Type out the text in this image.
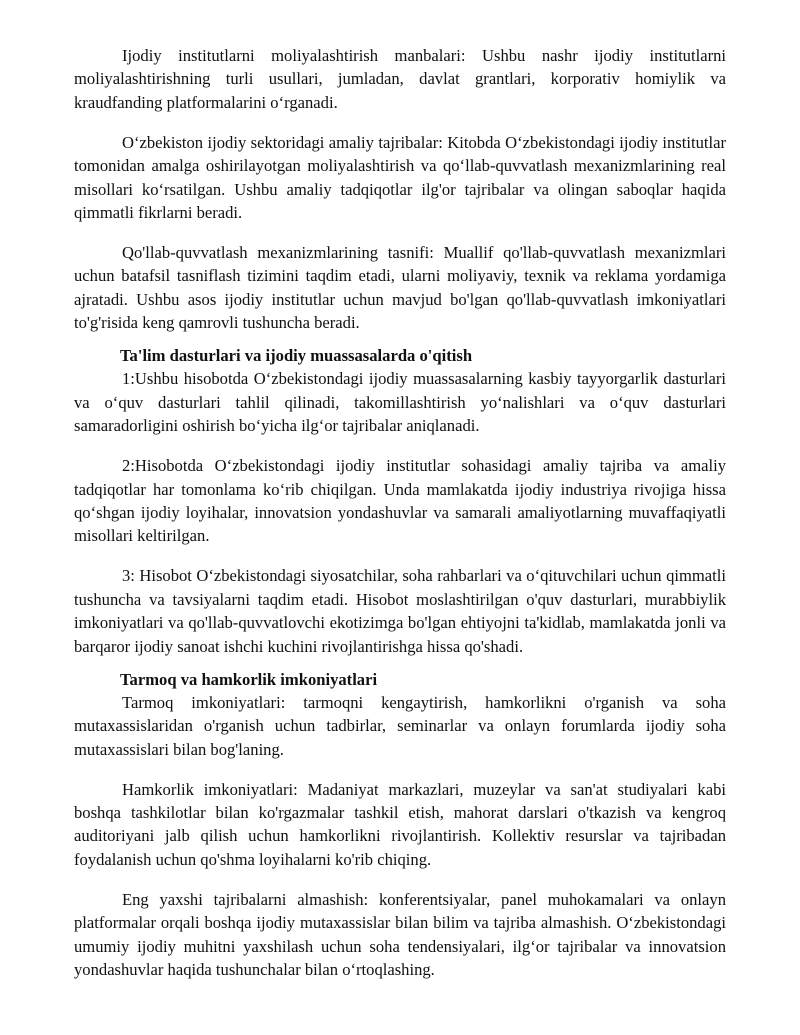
Ijodiy institutlarni moliyalashtirish manbalari: Ushbu nashr ijodiy institutlarni moliyalashtirishning turli usullari, jumladan, davlat grantlari, korporativ homiylik va kraudfanding platformalarini o‘rganadi.

O‘zbekiston ijodiy sektoridagi amaliy tajribalar: Kitobda O‘zbekistondagi ijodiy institutlar tomonidan amalga oshirilayotgan moliyalashtirish va qo‘llab-quvvatlash mexanizmlarining real misollari ko‘rsatilgan. Ushbu amaliy tadqiqotlar ilg'or tajribalar va olingan saboqlar haqida qimmatli fikrlarni beradi.

Qo'llab-quvvatlash mexanizmlarining tasnifi: Muallif qo'llab-quvvatlash mexanizmlari uchun batafsil tasniflash tizimini taqdim etadi, ularni moliyaviy, texnik va reklama yordamiga ajratadi. Ushbu asos ijodiy institutlar uchun mavjud bo'lgan qo'llab-quvvatlash imkoniyatlari to'g'risida keng qamrovli tushuncha beradi.

Ta'lim dasturlari va ijodiy muassasalarda o'qitish

1:Ushbu hisobotda O‘zbekistondagi ijodiy muassasalarning kasbiy tayyorgarlik dasturlari va o‘quv dasturlari tahlil qilinadi, takomillashtirish yo‘nalishlari va o‘quv dasturlari samaradorligini oshirish bo‘yicha ilg‘or tajribalar aniqlanadi.

2:Hisobotda O‘zbekistondagi ijodiy institutlar sohasidagi amaliy tajriba va amaliy tadqiqotlar har tomonlama ko‘rib chiqilgan. Unda mamlakatda ijodiy industriya rivojiga hissa qo‘shgan ijodiy loyihalar, innovatsion yondashuvlar va samarali amaliyotlarning muvaffaqiyatli misollari keltirilgan.

3: Hisobot O‘zbekistondagi siyosatchilar, soha rahbarlari va o‘qituvchilari uchun qimmatli tushuncha va tavsiyalarni taqdim etadi. Hisobot moslashtirilgan o'quv dasturlari, murabbiylik imkoniyatlari va qo'llab-quvvatlovchi ekotizimga bo'lgan ehtiyojni ta'kidlab, mamlakatda jonli va barqaror ijodiy sanoat ishchi kuchini rivojlantirishga hissa qo'shadi.

Tarmoq va hamkorlik imkoniyatlari

Tarmoq imkoniyatlari: tarmoqni kengaytirish, hamkorlikni o'rganish va soha mutaxassislaridan o'rganish uchun tadbirlar, seminarlar va onlayn forumlarda ijodiy soha mutaxassislari bilan bog'laning.

Hamkorlik imkoniyatlari: Madaniyat markazlari, muzeylar va san'at studiyalari kabi boshqa tashkilotlar bilan ko'rgazmalar tashkil etish, mahorat darslari o'tkazish va kengroq auditoriyani jalb qilish uchun hamkorlikni rivojlantirish. Kollektiv resurslar va tajribadan foydalanish uchun qo'shma loyihalarni ko'rib chiqing.

Eng yaxshi tajribalarni almashish: konferentsiyalar, panel muhokamalari va onlayn platformalar orqali boshqa ijodiy mutaxassislar bilan bilim va tajriba almashish. O‘zbekistondagi umumiy ijodiy muhitni yaxshilash uchun soha tendensiyalari, ilg‘or tajribalar va innovatsion yondashuvlar haqida tushunchalar bilan o‘rtoqlashing.
